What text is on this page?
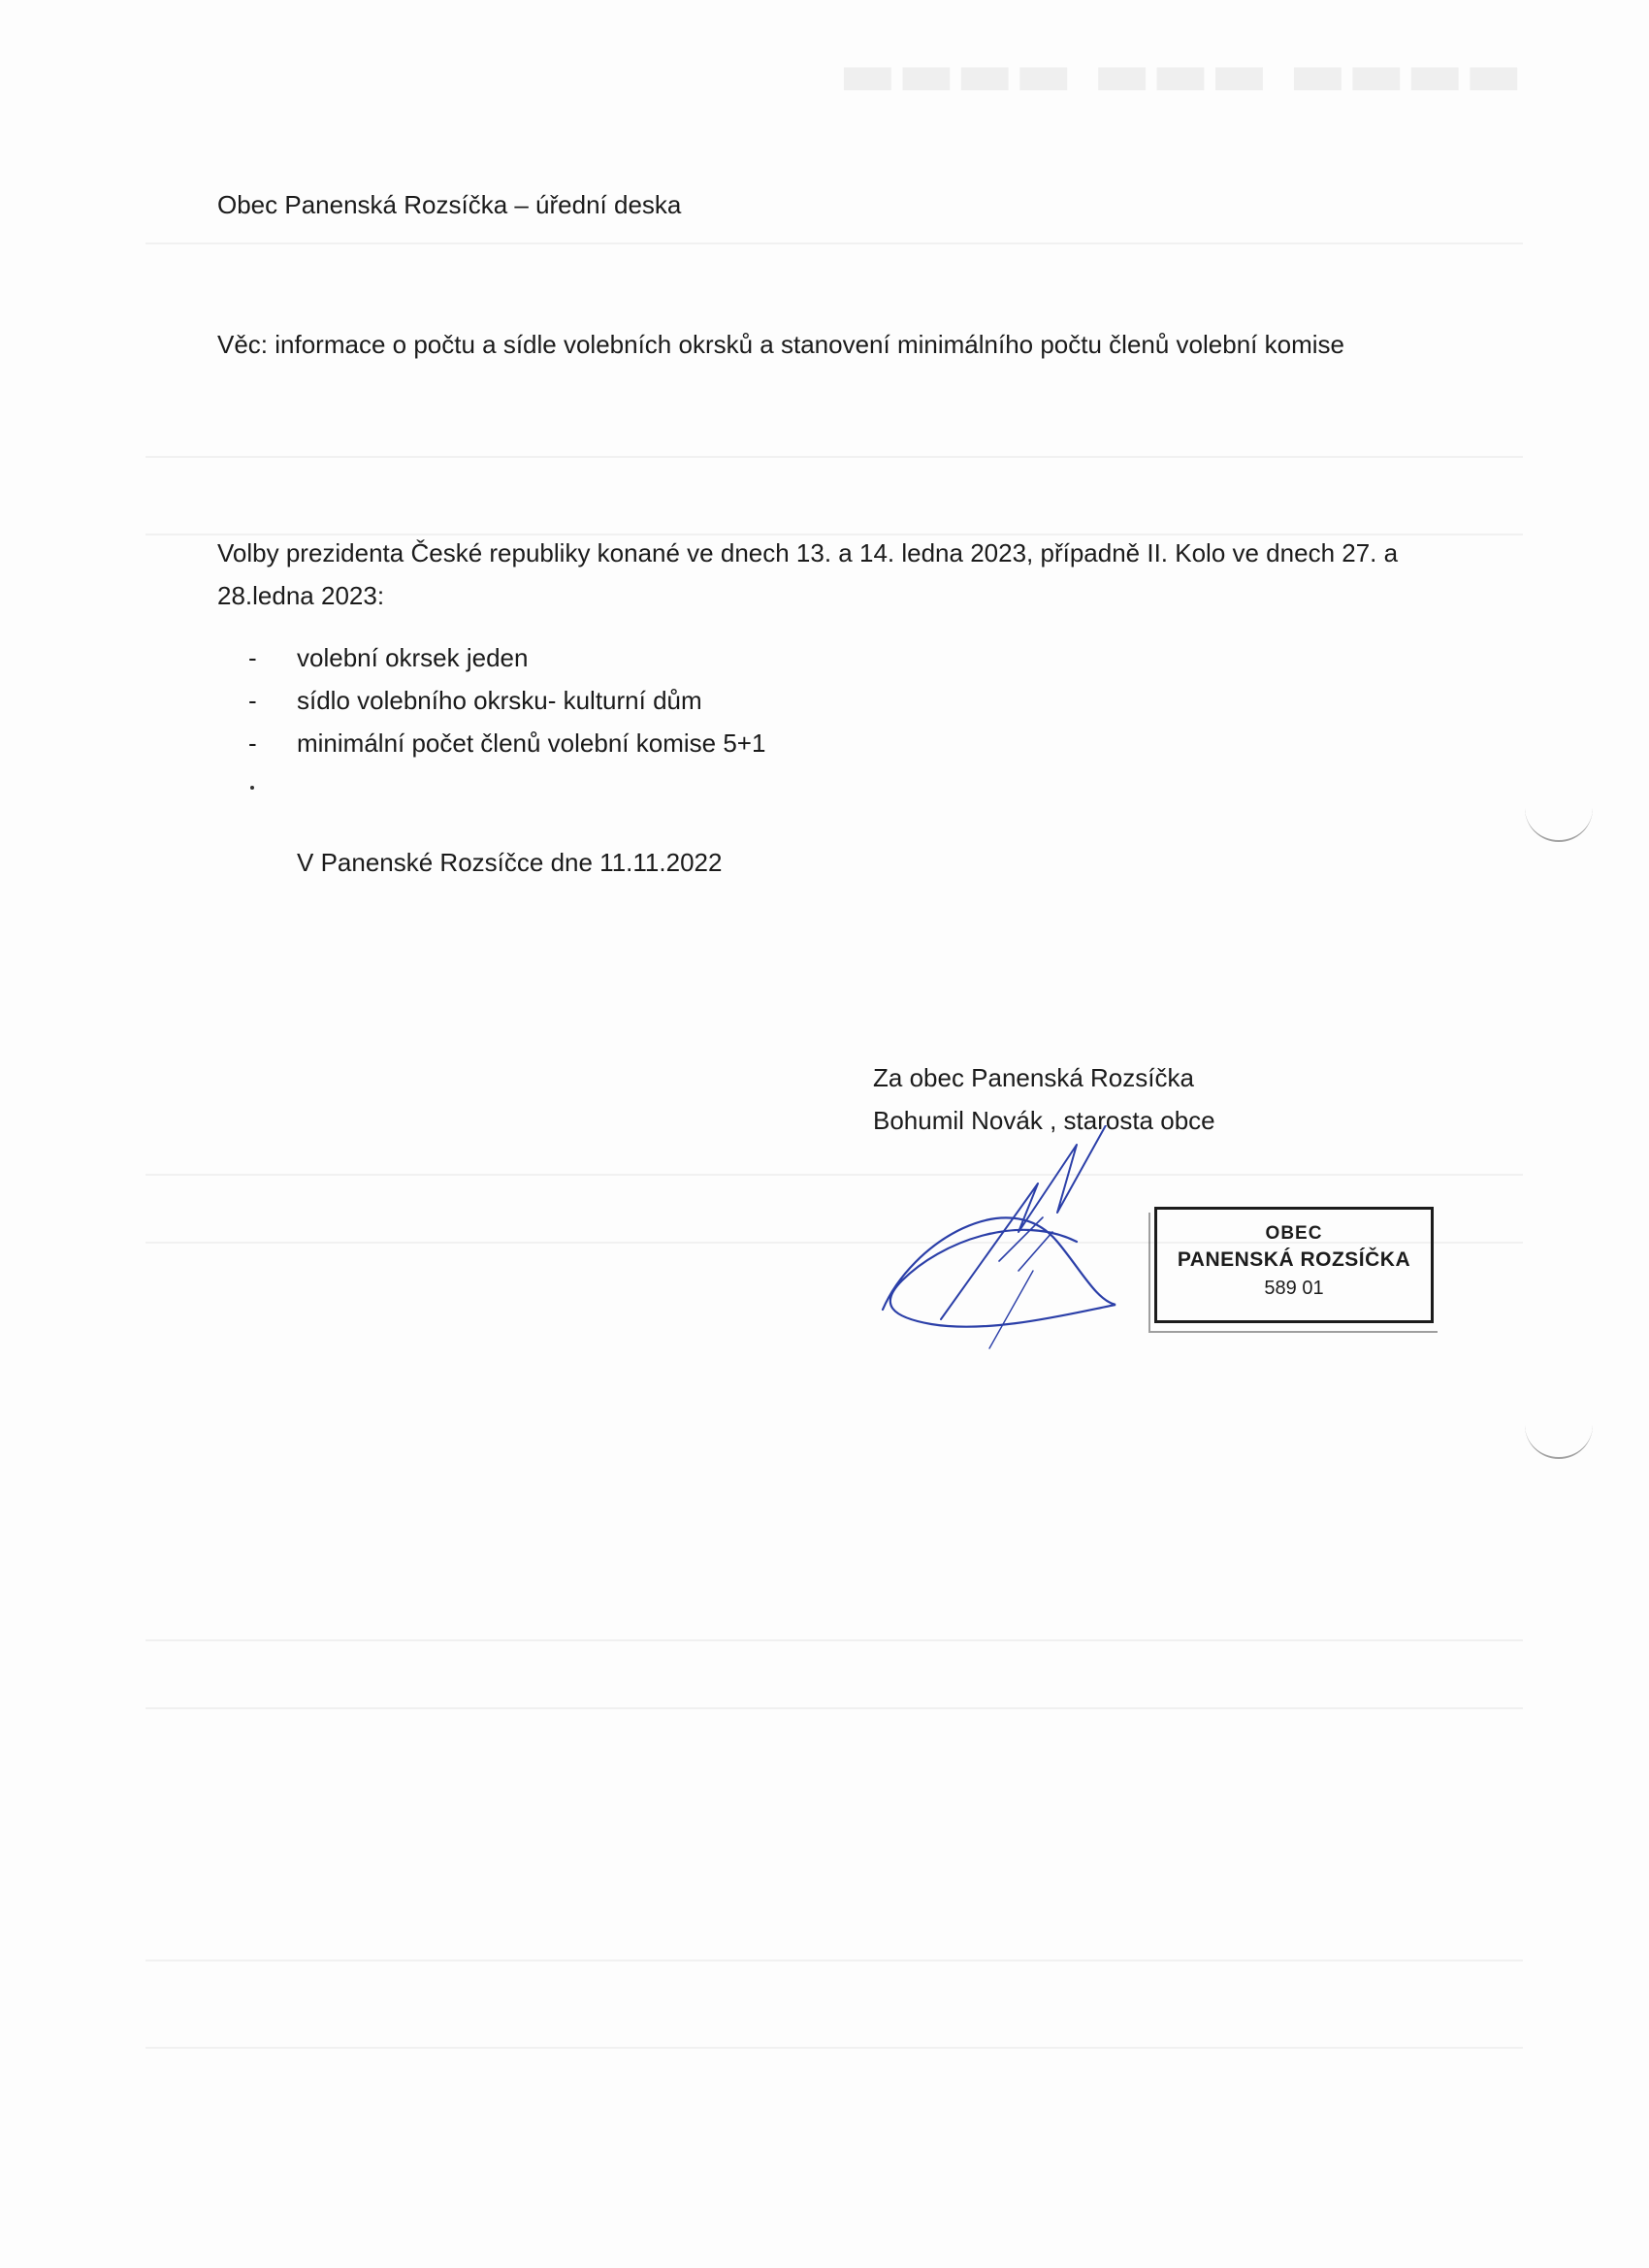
▬▬▬▬ ▬▬▬ ▬▬▬▬
Obec Panenská Rozsíčka – úřední deska
Věc: informace o počtu a sídle volebních okrsků a stanovení minimálního počtu členů volební komise
Volby prezidenta České republiky konané ve dnech 13. a 14. ledna 2023, případně II. Kolo ve dnech 27. a 28.ledna 2023:
- volební okrsek jeden
- sídlo volebního okrsku- kulturní dům
- minimální počet členů volební komise 5+1
V Panenské Rozsíčce dne 11.11.2022
Za obec Panenská Rozsíčka
Bohumil Novák , starosta obce
OBEC
PANENSKÁ ROZSÍČKA
589 01
